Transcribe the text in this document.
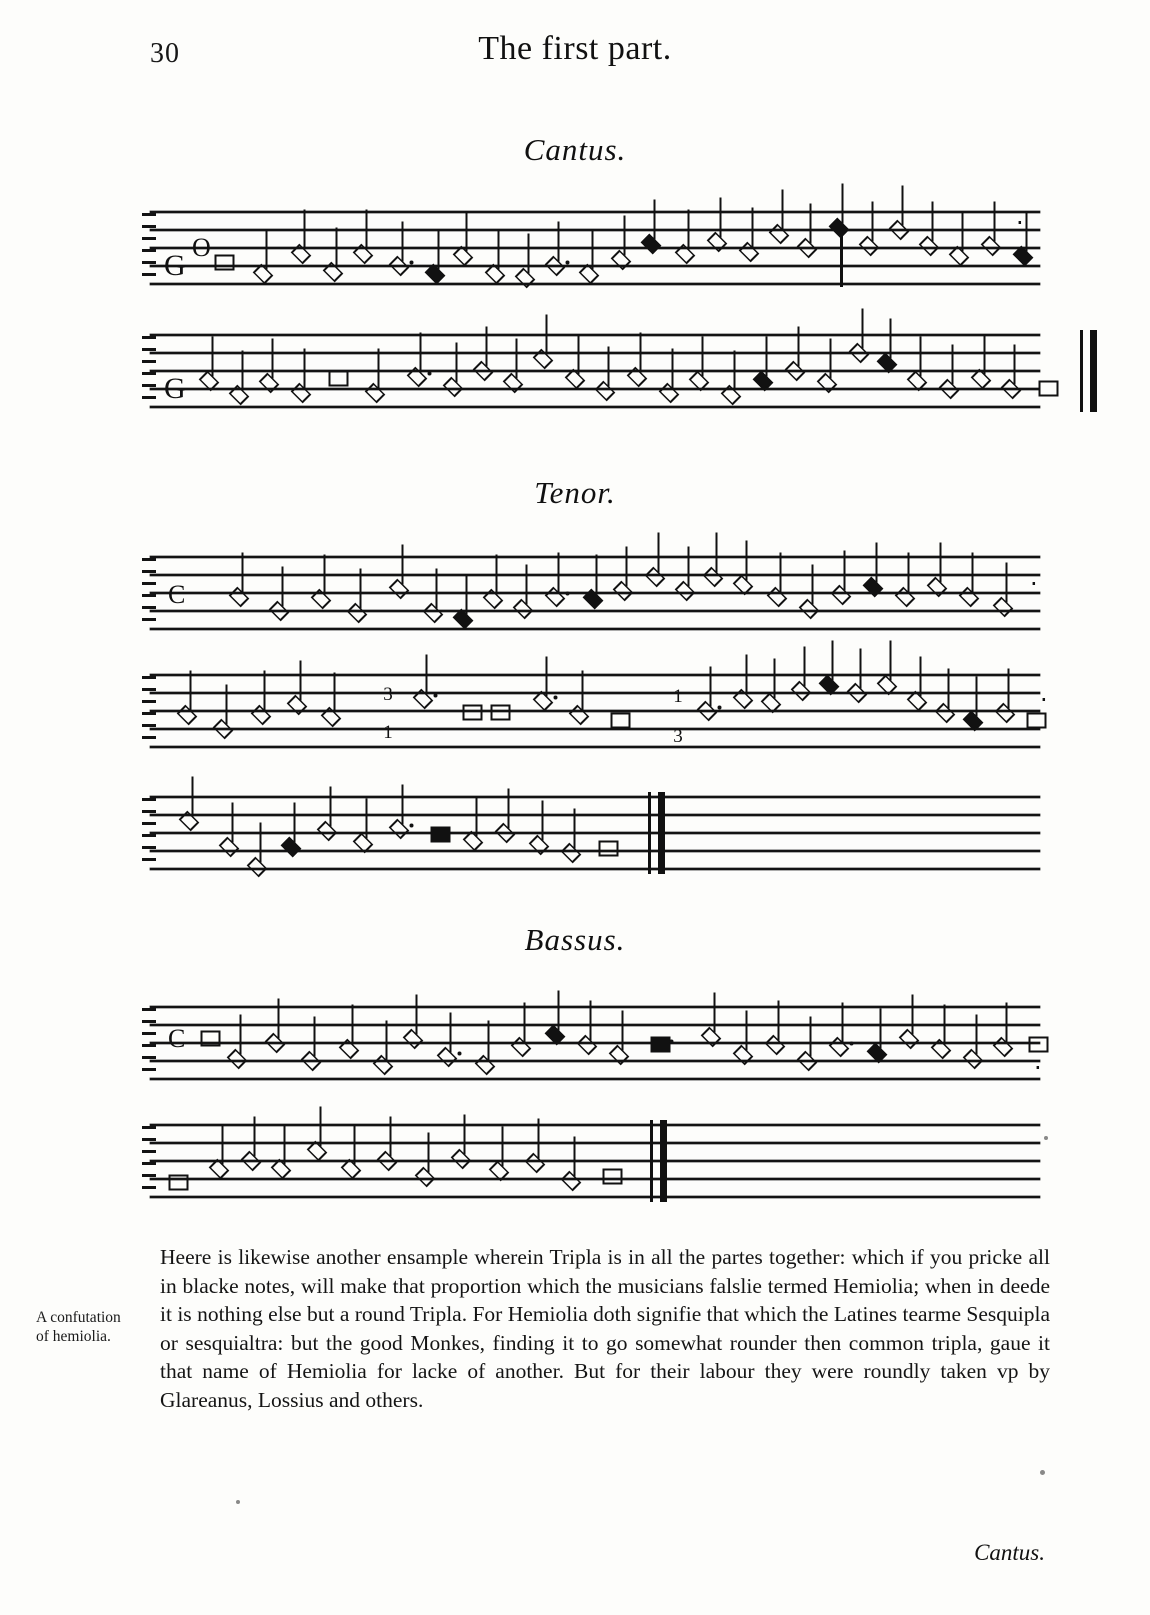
30	The first part.
Cantus.
G
O
⋅
G
Tenor.
C	⋅
3
1
1
3
⋅
Bassus.
C
⋅
A confutation
of hemiolia.

Heere is likewise another ensample wherein Tripla is in all the partes together: which if you pricke all in blacke notes, will make that proportion which the musicians falslie termed Hemiolia; when in deede it is nothing else but a round Tripla. For Hemiolia doth signifie that which the Latines tearme Sesquipla or sesquialtra: but the good Monkes, finding it to go somewhat rounder then common tripla, gaue it that name of Hemiolia for lacke of another. But for their labour they were roundly taken vp by Glareanus, Lossius and others.

Cantus.
